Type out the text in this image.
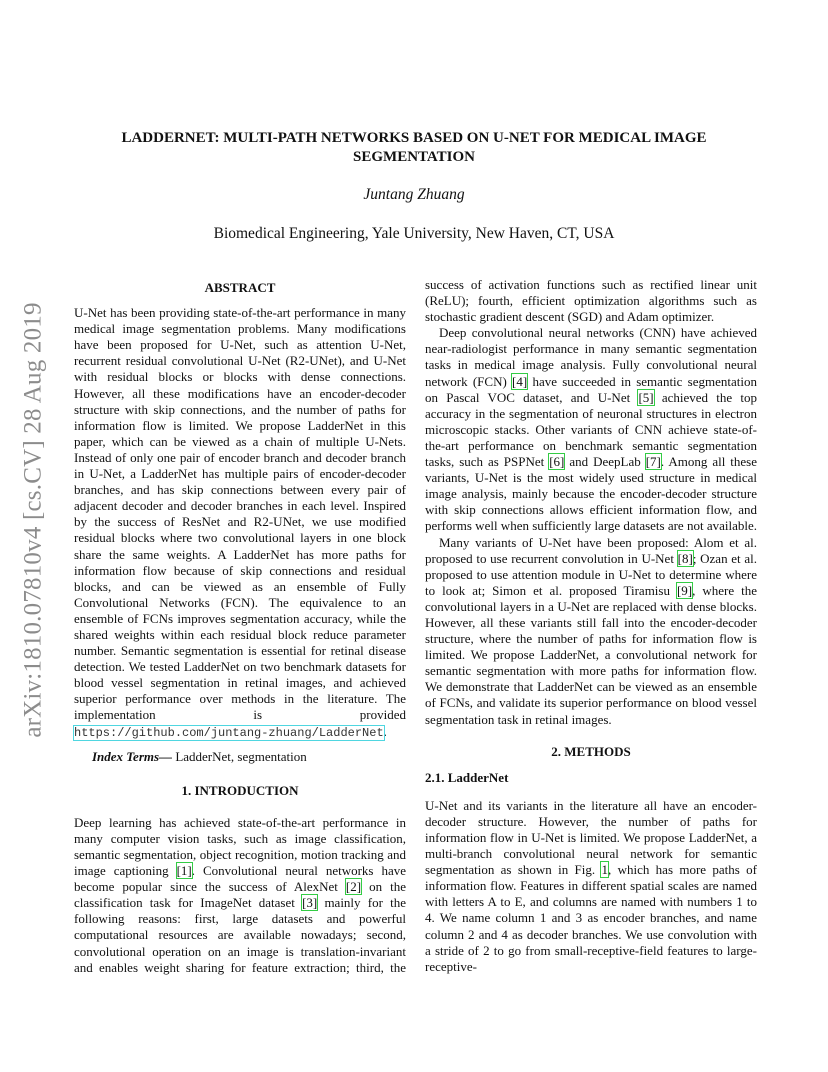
arXiv:1810.07810v4 [cs.CV] 28 Aug 2019
LADDERNET: MULTI-PATH NETWORKS BASED ON U-NET FOR MEDICAL IMAGE
SEGMENTATION
Juntang Zhuang
Biomedical Engineering, Yale University, New Haven, CT, USA
ABSTRACT

U-Net has been providing state-of-the-art performance in many medical image segmentation problems. Many modifications have been proposed for U-Net, such as attention U-Net, recurrent residual convolutional U-Net (R2-UNet), and U-Net with residual blocks or blocks with dense connections. However, all these modifications have an encoder-decoder structure with skip connections, and the number of paths for information flow is limited. We propose LadderNet in this paper, which can be viewed as a chain of multiple U-Nets. Instead of only one pair of encoder branch and decoder branch in U-Net, a LadderNet has multiple pairs of encoder-decoder branches, and has skip connections between every pair of adjacent decoder and decoder branches in each level. Inspired by the success of ResNet and R2-UNet, we use modified residual blocks where two convolutional layers in one block share the same weights. A LadderNet has more paths for information flow because of skip connections and residual blocks, and can be viewed as an ensemble of Fully Convolutional Networks (FCN). The equivalence to an ensemble of FCNs improves segmentation accuracy, while the shared weights within each residual block reduce parameter number. Semantic segmentation is essential for retinal disease detection. We tested LadderNet on two benchmark datasets for blood vessel segmentation in retinal images, and achieved superior performance over methods in the literature. The implementation is provided https://github.com/juntang-zhuang/LadderNet.

Index Terms— LadderNet, segmentation

1. INTRODUCTION

Deep learning has achieved state-of-the-art performance in many computer vision tasks, such as image classification, semantic segmentation, object recognition, motion tracking and image captioning [1]. Convolutional neural networks have become popular since the success of AlexNet [2] on the classification task for ImageNet dataset [3] mainly for the following reasons: first, large datasets and powerful computational resources are available nowadays; second, convolutional operation on an image is translation-invariant and enables weight sharing for feature extraction; third, the

success of activation functions such as rectified linear unit (ReLU); fourth, efficient optimization algorithms such as stochastic gradient descent (SGD) and Adam optimizer.

Deep convolutional neural networks (CNN) have achieved near-radiologist performance in many semantic segmentation tasks in medical image analysis. Fully convolutional neural network (FCN) [4] have succeeded in semantic segmentation on Pascal VOC dataset, and U-Net [5] achieved the top accuracy in the segmentation of neuronal structures in electron microscopic stacks. Other variants of CNN achieve state-of-the-art performance on benchmark semantic segmentation tasks, such as PSPNet [6] and DeepLab [7]. Among all these variants, U-Net is the most widely used structure in medical image analysis, mainly because the encoder-decoder structure with skip connections allows efficient information flow, and performs well when sufficiently large datasets are not available.

Many variants of U-Net have been proposed: Alom et al. proposed to use recurrent convolution in U-Net [8]; Ozan et al. proposed to use attention module in U-Net to determine where to look at; Simon et al. proposed Tiramisu [9], where the convolutional layers in a U-Net are replaced with dense blocks. However, all these variants still fall into the encoder-decoder structure, where the number of paths for information flow is limited. We propose LadderNet, a convolutional network for semantic segmentation with more paths for information flow. We demonstrate that LadderNet can be viewed as an ensemble of FCNs, and validate its superior performance on blood vessel segmentation task in retinal images.

2. METHODS
2.1. LadderNet

U-Net and its variants in the literature all have an encoder-decoder structure. However, the number of paths for information flow in U-Net is limited. We propose LadderNet, a multi-branch convolutional neural network for semantic segmentation as shown in Fig. 1, which has more paths of information flow. Features in different spatial scales are named with letters A to E, and columns are named with numbers 1 to 4. We name column 1 and 3 as encoder branches, and name column 2 and 4 as decoder branches. We use convolution with a stride of 2 to go from small-receptive-field features to large-receptive-
